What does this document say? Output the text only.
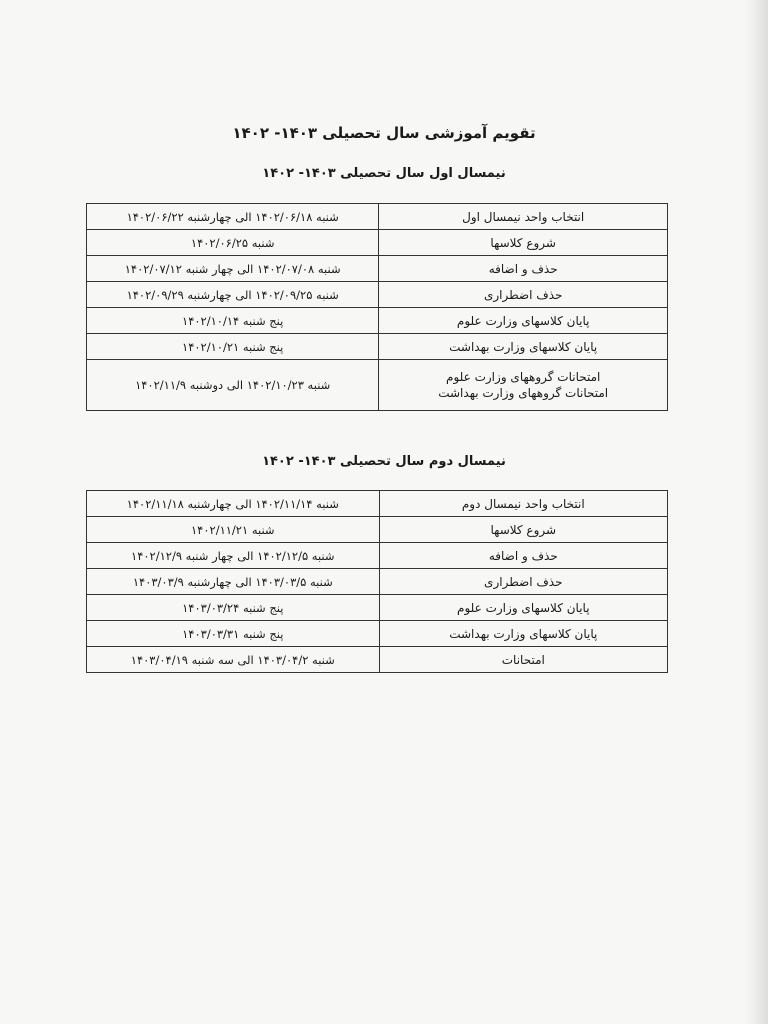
تقویم آموزشی سال تحصیلی ۱۴۰۳- ۱۴۰۲
نیمسال اول سال تحصیلی ۱۴۰۳- ۱۴۰۲
انتخاب واحد نیمسال اول	شنبه ۱۴۰۲/۰۶/۱۸ الی چهارشنبه ۱۴۰۲/۰۶/۲۲

شروع کلاسها	شنبه ۱۴۰۲/۰۶/۲۵

حذف و اضافه	شنبه ۱۴۰۲/۰۷/۰۸ الی چهار شنبه ۱۴۰۲/۰۷/۱۲

حذف اضطراری	شنبه ۱۴۰۲/۰۹/۲۵ الی چهارشنبه ۱۴۰۲/۰۹/۲۹

پایان کلاسهای وزارت علوم	پنج شنبه ۱۴۰۲/۱۰/۱۴

پایان کلاسهای وزارت بهداشت	پنج شنبه ۱۴۰۲/۱۰/۲۱

امتحانات گروههای وزارت علوم
امتحانات گروههای وزارت بهداشت	شنبه ۱۴۰۲/۱۰/۲۳ الی دوشنبه ۱۴۰۲/۱۱/۹
نیمسال دوم سال تحصیلی ۱۴۰۳- ۱۴۰۲
انتخاب واحد نیمسال دوم	شنبه ۱۴۰۲/۱۱/۱۴ الی چهارشنبه ۱۴۰۲/۱۱/۱۸

شروع کلاسها	شنبه ۱۴۰۲/۱۱/۲۱

حذف و اضافه	شنبه ۱۴۰۲/۱۲/۵ الی چهار شنبه ۱۴۰۲/۱۲/۹

حذف اضطراری	شنبه ۱۴۰۳/۰۳/۵ الی چهارشنبه ۱۴۰۳/۰۳/۹

پایان کلاسهای وزارت علوم	پنج شنبه ۱۴۰۳/۰۳/۲۴

پایان کلاسهای وزارت بهداشت	پنج شنبه ۱۴۰۳/۰۳/۳۱

امتحانات	شنبه ۱۴۰۳/۰۴/۲ الی سه شنبه ۱۴۰۳/۰۴/۱۹
